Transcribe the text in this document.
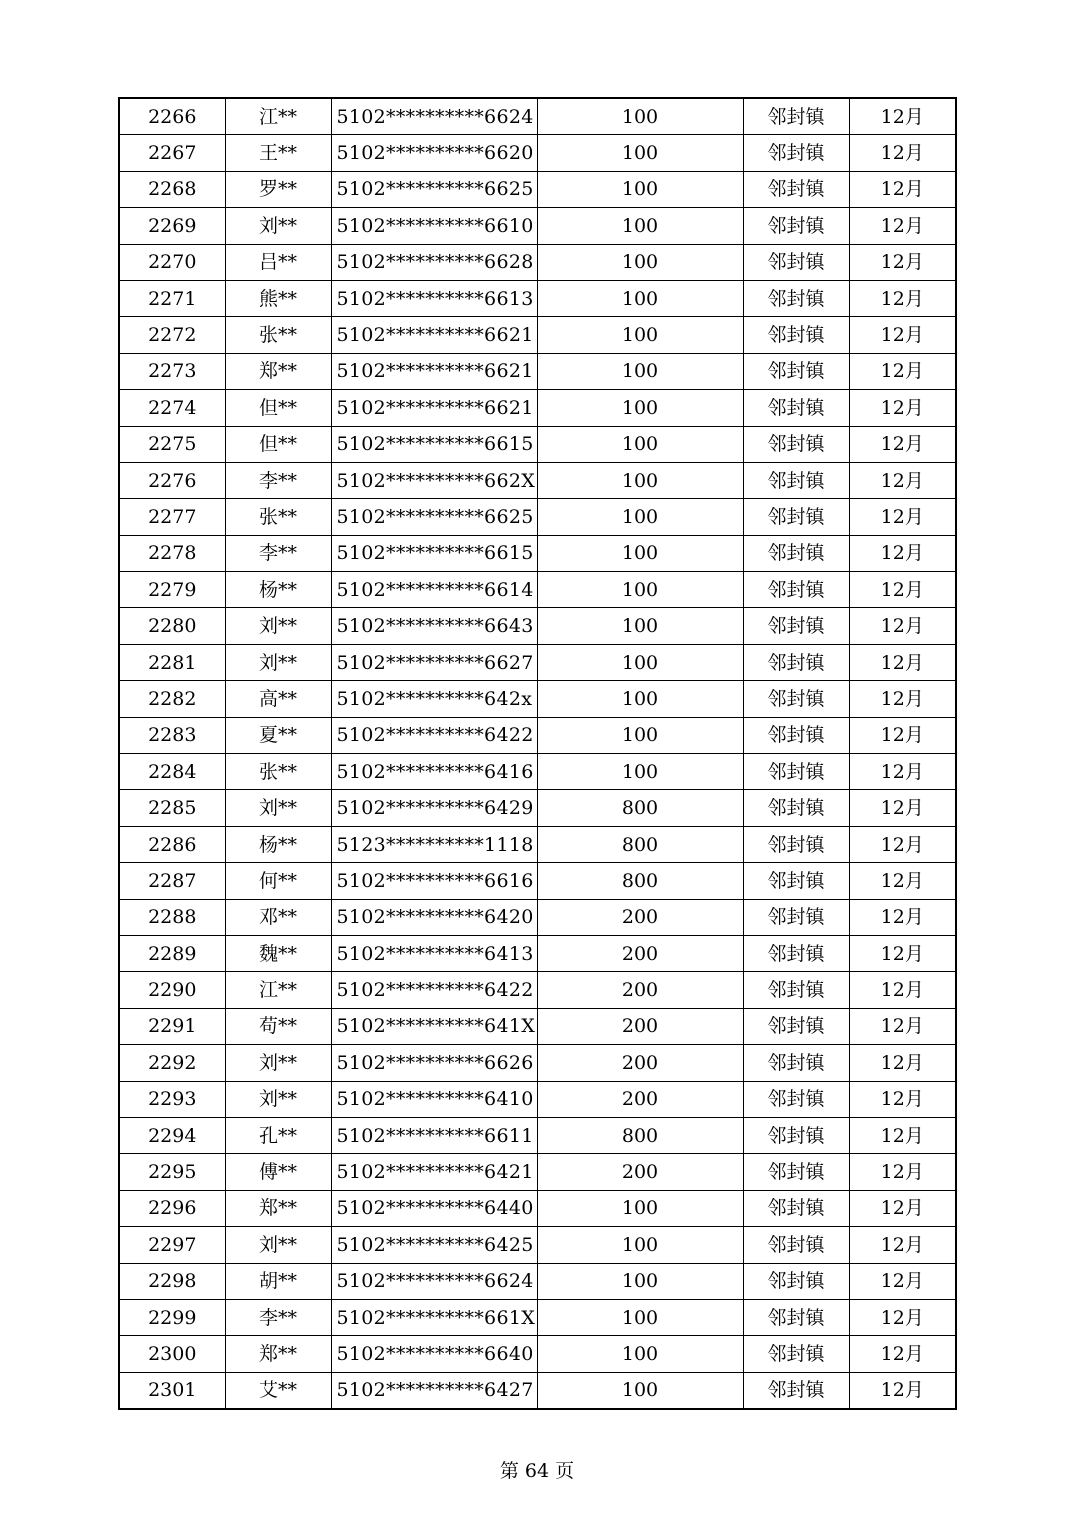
2266	江**	5102**********6624	100	邻封镇	12月
2267	王**	5102**********6620	100	邻封镇	12月
2268	罗**	5102**********6625	100	邻封镇	12月
2269	刘**	5102**********6610	100	邻封镇	12月
2270	吕**	5102**********6628	100	邻封镇	12月
2271	熊**	5102**********6613	100	邻封镇	12月
2272	张**	5102**********6621	100	邻封镇	12月
2273	郑**	5102**********6621	100	邻封镇	12月
2274	但**	5102**********6621	100	邻封镇	12月
2275	但**	5102**********6615	100	邻封镇	12月
2276	李**	5102**********662X	100	邻封镇	12月
2277	张**	5102**********6625	100	邻封镇	12月
2278	李**	5102**********6615	100	邻封镇	12月
2279	杨**	5102**********6614	100	邻封镇	12月
2280	刘**	5102**********6643	100	邻封镇	12月
2281	刘**	5102**********6627	100	邻封镇	12月
2282	高**	5102**********642x	100	邻封镇	12月
2283	夏**	5102**********6422	100	邻封镇	12月
2284	张**	5102**********6416	100	邻封镇	12月
2285	刘**	5102**********6429	800	邻封镇	12月
2286	杨**	5123**********1118	800	邻封镇	12月
2287	何**	5102**********6616	800	邻封镇	12月
2288	邓**	5102**********6420	200	邻封镇	12月
2289	魏**	5102**********6413	200	邻封镇	12月
2290	江**	5102**********6422	200	邻封镇	12月
2291	苟**	5102**********641X	200	邻封镇	12月
2292	刘**	5102**********6626	200	邻封镇	12月
2293	刘**	5102**********6410	200	邻封镇	12月
2294	孔**	5102**********6611	800	邻封镇	12月
2295	傅**	5102**********6421	200	邻封镇	12月
2296	郑**	5102**********6440	100	邻封镇	12月
2297	刘**	5102**********6425	100	邻封镇	12月
2298	胡**	5102**********6624	100	邻封镇	12月
2299	李**	5102**********661X	100	邻封镇	12月
2300	郑**	5102**********6640	100	邻封镇	12月
2301	艾**	5102**********6427	100	邻封镇	12月
第 64 页
